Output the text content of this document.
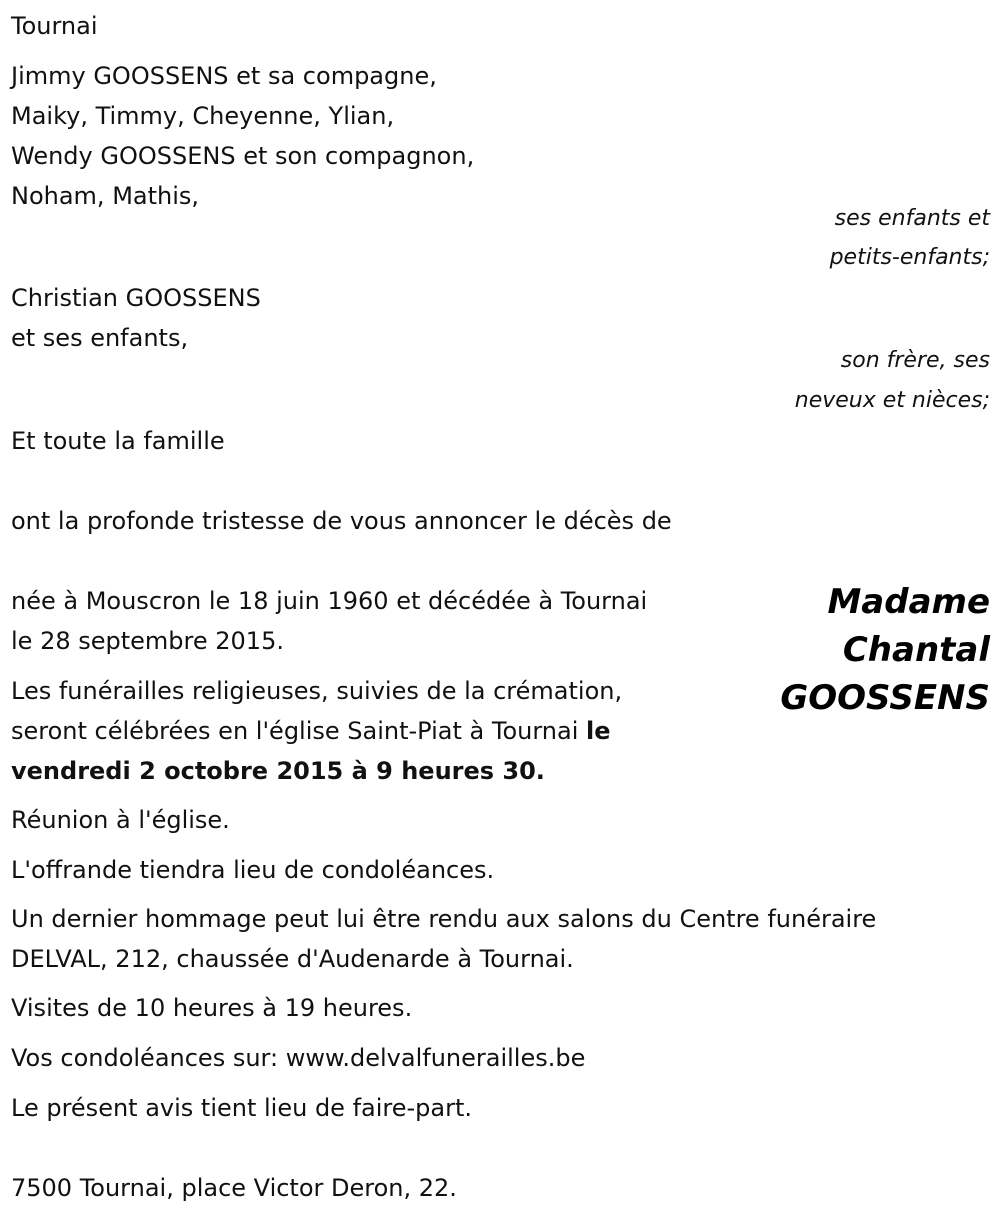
Tournai
Jimmy GOOSSENS et sa compagne,
Maiky, Timmy, Cheyenne, Ylian,
Wendy GOOSSENS et son compagnon,
Noham, Mathis,
ses enfants et
petits-enfants;
Christian GOOSSENS
et ses enfants,
son frère, ses
neveux et nièces;
Et toute la famille
ont la profonde tristesse de vous annoncer le décès de
Madame
Chantal
GOOSSENS
née à Mouscron le 18 juin 1960 et décédée à Tournai
le 28 septembre 2015.
Les funérailles religieuses, suivies de la crémation,
seront célébrées en l'église Saint-Piat à Tournai le
vendredi 2 octobre 2015 à 9 heures 30.
Réunion à l'église.
L'offrande tiendra lieu de condoléances.
Un dernier hommage peut lui être rendu aux salons du Centre funéraire
DELVAL, 212, chaussée d'Audenarde à Tournai.
Visites de 10 heures à 19 heures.
Vos condoléances sur: www.delvalfunerailles.be
Le présent avis tient lieu de faire-part.
7500 Tournai, place Victor Deron, 22.
